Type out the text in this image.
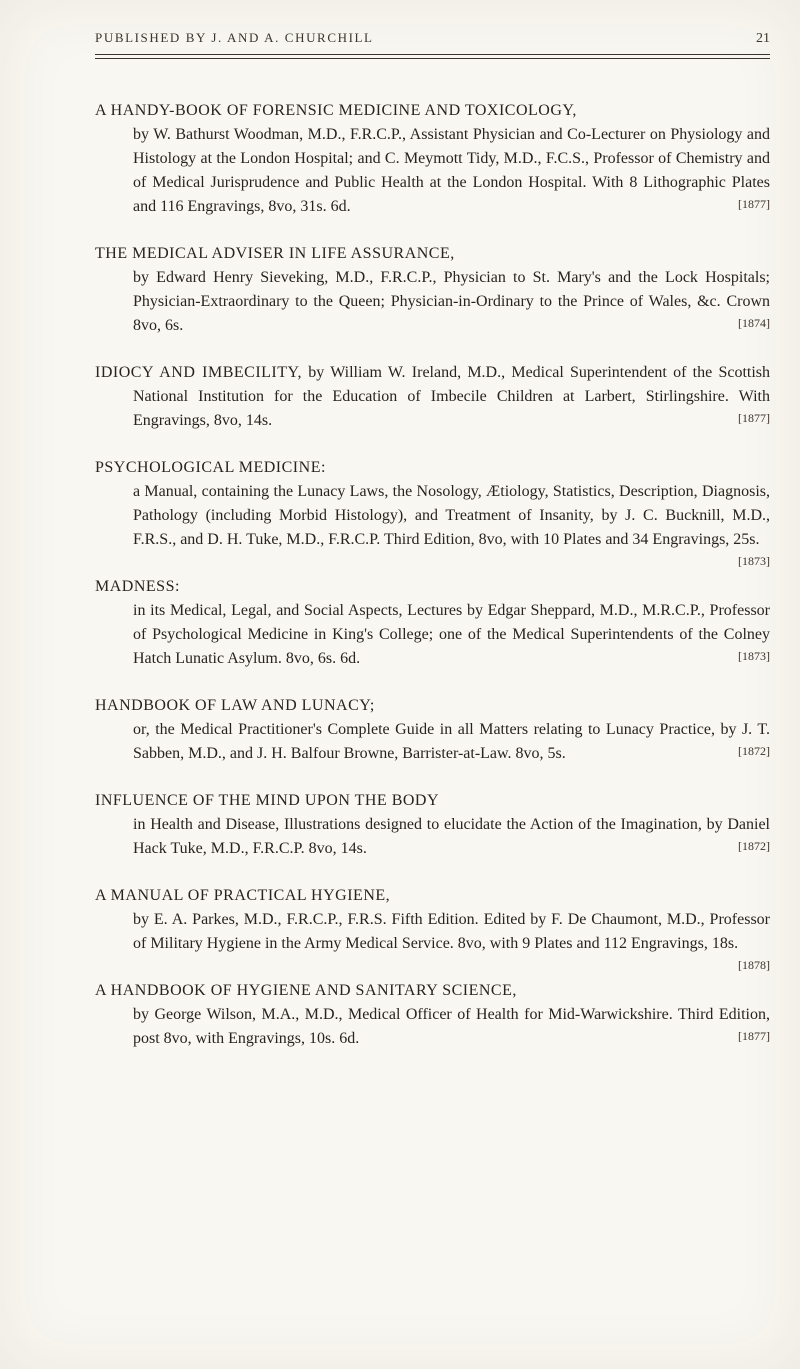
PUBLISHED BY J. AND A. CHURCHILL	21

A HANDY-BOOK OF FORENSIC MEDICINE AND TOXICOLOGY,
by W. Bathurst Woodman, M.D., F.R.C.P., Assistant Physician and Co-Lecturer on Physiology and Histology at the London Hospital; and C. Meymott Tidy, M.D., F.C.S., Professor of Chemistry and of Medical Jurisprudence and Public Health at the London Hospital. With 8 Lithographic Plates and 116 Engravings, 8vo, 31s. 6d.	[1877]

THE MEDICAL ADVISER IN LIFE ASSURANCE,
by Edward Henry Sieveking, M.D., F.R.C.P., Physician to St. Mary's and the Lock Hospitals; Physician-Extraordinary to the Queen; Physician-in-Ordinary to the Prince of Wales, &c. Crown 8vo, 6s.	[1874]

IDIOCY AND IMBECILITY, by William W. Ireland, M.D., Medical Superintendent of the Scottish National Institution for the Education of Imbecile Children at Larbert, Stirlingshire. With Engravings, 8vo, 14s.	[1877]

PSYCHOLOGICAL MEDICINE:
a Manual, containing the Lunacy Laws, the Nosology, Ætiology, Statistics, Description, Diagnosis, Pathology (including Morbid Histology), and Treatment of Insanity, by J. C. Bucknill, M.D., F.R.S., and D. H. Tuke, M.D., F.R.C.P. Third Edition, 8vo, with 10 Plates and 34 Engravings, 25s.
[1873]

MADNESS:
in its Medical, Legal, and Social Aspects, Lectures by Edgar Sheppard, M.D., M.R.C.P., Professor of Psychological Medicine in King's College; one of the Medical Superintendents of the Colney Hatch Lunatic Asylum. 8vo, 6s. 6d.	[1873]

HANDBOOK OF LAW AND LUNACY;
or, the Medical Practitioner's Complete Guide in all Matters relating to Lunacy Practice, by J. T. Sabben, M.D., and J. H. Balfour Browne, Barrister-at-Law. 8vo, 5s.	[1872]

INFLUENCE OF THE MIND UPON THE BODY
in Health and Disease, Illustrations designed to elucidate the Action of the Imagination, by Daniel Hack Tuke, M.D., F.R.C.P. 8vo, 14s.	[1872]

A MANUAL OF PRACTICAL HYGIENE,
by E. A. Parkes, M.D., F.R.C.P., F.R.S. Fifth Edition. Edited by F. De Chaumont, M.D., Professor of Military Hygiene in the Army Medical Service. 8vo, with 9 Plates and 112 Engravings, 18s.
[1878]

A HANDBOOK OF HYGIENE AND SANITARY SCIENCE,
by George Wilson, M.A., M.D., Medical Officer of Health for Mid-Warwickshire. Third Edition, post 8vo, with Engravings, 10s. 6d.	[1877]
